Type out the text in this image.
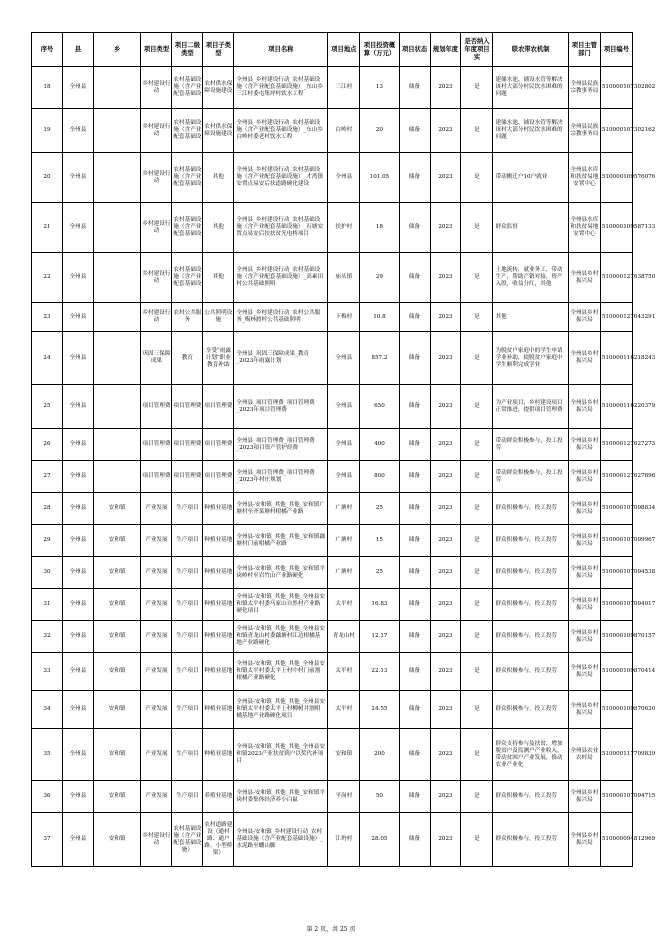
序号	县	乡	项目类型	项目二级类型	项目子类型	项目名称	项目地点	项目投资概算（万元）	项目状态	规划年度	是否纳入年度项目实	联农带农机制	项目主管部门	项目编号
18	全州县		乡村建设行动	农村基础设施（含产业配套基础设	农村供水保障设施建设	全州县_乡村建设行动_农村基础设施（含产业配套基础设施）_东山乡三江村委屯集坪村饮水工程	三江村	13	储备	2023	是	建储水池、铺设水管等解决该村大部分村民饮水困难的问题	全州县民族宗教事务局	510000107302802
19	全州县		乡村建设行动	农村基础设施（含产业配套基础设	农村供水保障设施建设	全州县_乡村建设行动_农村基础设施（含产业配套基础设施）_东山乡白岭村委老村饮水工程	白岭村	20	储备	2023	是	建储水池、铺设水管等解决该村大部分村民饮水困难的问题	全州县民族宗教事务局	510000107302162
20	全州县		乡村建设行动	农村基础设施（含产业配套基础设	其他	全州县_乡村建设行动_农村基础设施（含产业配套基础设施）_才湾镇安置点易安后扶道路硬化建设	全州县	101.05	储备	2023	是	带动搬迁户10户就业	全州县水库和扶贫易地安置中心	510000109576076
21	全州县		乡村建设行动	农村基础设施（含产业配套基础设	其他	全州县_乡村建设行动_农村基础设施（含产业配套基础设施）_石塘安置点易安后扶扶贫光电桥项目	扶护村	18	储备	2023	是	群众监督	全州县水库和扶贫易地安置中心	510000109587133
22	全州县		乡村建设行动	农村基础设施（含产业配套基础设	其他	全州县_乡村建设行动_农村基础设施（含产业配套基础设施）_高素田村公共基础照明	庙头镇	29	储备	2023	是	土地流转，就业务工，带动生产，帮助产销对接，资产入股，收益分红，其他	全州县乡村振兴局	510000127638750
23	全州县		乡村建设行动	农村公共服务	公共照明设施	全州县_乡村建设行动_农村公共服务_梅林渡村公共基础照明	下梅村	10.8	储备	2023	是	其他	全州县乡村振兴局	510000127643291
24	全州县		巩固三保障成果	教育	享受“雨露计划”职业教育补助	全州县_巩固三保障成果_教育_2023年雨露计划	全州县	857.2	储备	2023	是	为脱贫户家庭中的学生申请学业补助，使脱贫户家庭中学生顺利完成学业	全州县乡村振兴局	510000116218243
25	全州县		项目管理费	项目管理费	项目管理费	全州县_项目管理费_项目管理费_2023年项目管理费	全州县	650	储备	2023	是	为产业项目，乡村建设项目正常推进，提供项目管理费	全州县乡村振兴局	510000116220379
26	全州县		项目管理费	项目管理费	项目管理费	全州县_项目管理费_项目管理费_2023项目资产管护经费	全州县	400	储备	2023	是	带动群众积极参与，投工投劳	全州县乡村振兴局	510000127627273
27	全州县		项目管理费	项目管理费	项目管理费	全州县_项目管理费_项目管理费_2023年村庄规划	全州县	800	储备	2023	是	带动群众积极参与，投工投劳	全州县乡村振兴局	510000127627896
28	全州县	安和镇	产业发展	生产项目	种植业基地	全州县-安和镇_其他_其他_安和镇广塘村至齐菜塘村柑橘产业路	广塘村	25	储备	2023	是	群众积极参与，投工投劳	全州县乡村振兴局	510000107098834
29	全州县	安和镇	产业发展	生产项目	种植业基地	全州县-安和镇_其他_其他_安和镇藕塘村门前柑橘产业路	广塘村	15	储备	2023	是	群众积极参与，投工投劳	全州县乡村振兴局	510000107099967
30	全州县	安和镇	产业发展	生产项目	种植业基地	全州县-安和镇_其他_其他_安和镇平岗岭村至岩竹山产业路硬化	广塘村	25	储备	2023	是	群众积极参与，投工投劳	全州县乡村振兴局	510000107094538
31	全州县	安和镇	产业发展	生产项目	种植业基地	全州县-安和镇_其他_其他_全州县安和镇太平村委马家山自然村产业路硬化项目	太平村	16.83	储备	2023	是	群众积极参与，投工投劳	全州县乡村振兴局	510000107094017
32	全州县	安和镇	产业发展	生产项目	种植业基地	全州县-安和镇_其他_其他_全州县安和镇青龙山村委藕塘村江边柑橘基地产业路硬化	青龙山村	12.17	储备	2023	是	群众积极参与，投工投劳	全州县乡村振兴局	510000109870157
33	全州县	安和镇	产业发展	生产项目	种植业基地	全州县-安和镇_其他_其他_全州县安和镇太平村委太平上村中村门前割柑橘产业路硬化	太平村	22.13	储备	2023	是	群众积极参与，投工投劳	全州县乡村振兴局	510000109870414
34	全州县	安和镇	产业发展	生产项目	种植业基地	全州县-安和镇_其他_其他_全州县安和镇太平村委太平上村柳树井割柑橘基地产业路硬化项目	太平村	24.55	储备	2023	是	群众积极参与，投工投劳	全州县乡村振兴局	510000109870630
35	全州县	安和镇	产业发展	生产项目	种植业基地	全州县-安和镇_其他_其他_全州县安和镇2023产业扶贫到户以奖代补项目	安和镇	200	储备	2023	是	群众支持参与及扶贫，增加脱贫户及监测户产业收入，带动贫困户产业发展，推动农业产业化	全州县农业农村局	510000117709839
36	全州县	安和镇	产业发展	生产项目	养殖业基地	全州县-安和镇_其他_其他_安和镇平岗村委集体经济养小白鼠	平岗村	50	储备	2023	是	群众积极参与，投工投劳	全州县乡村振兴局	510000107094715
37	全州县	安和镇	乡村建设行动	农村基础设施（含产业配套基础设施）	农村道路建设（通村路、通户路、小型桥梁）	全州县-安和镇_乡村建设行动_农村基础设施（含产业配套基础设施）_水泥路至蟠山脚	江坍村	28.05	储备	2023	是	群众积极参与，投工投劳	全州县乡村振兴局	510000094812969
第 2 页，共 25 页
